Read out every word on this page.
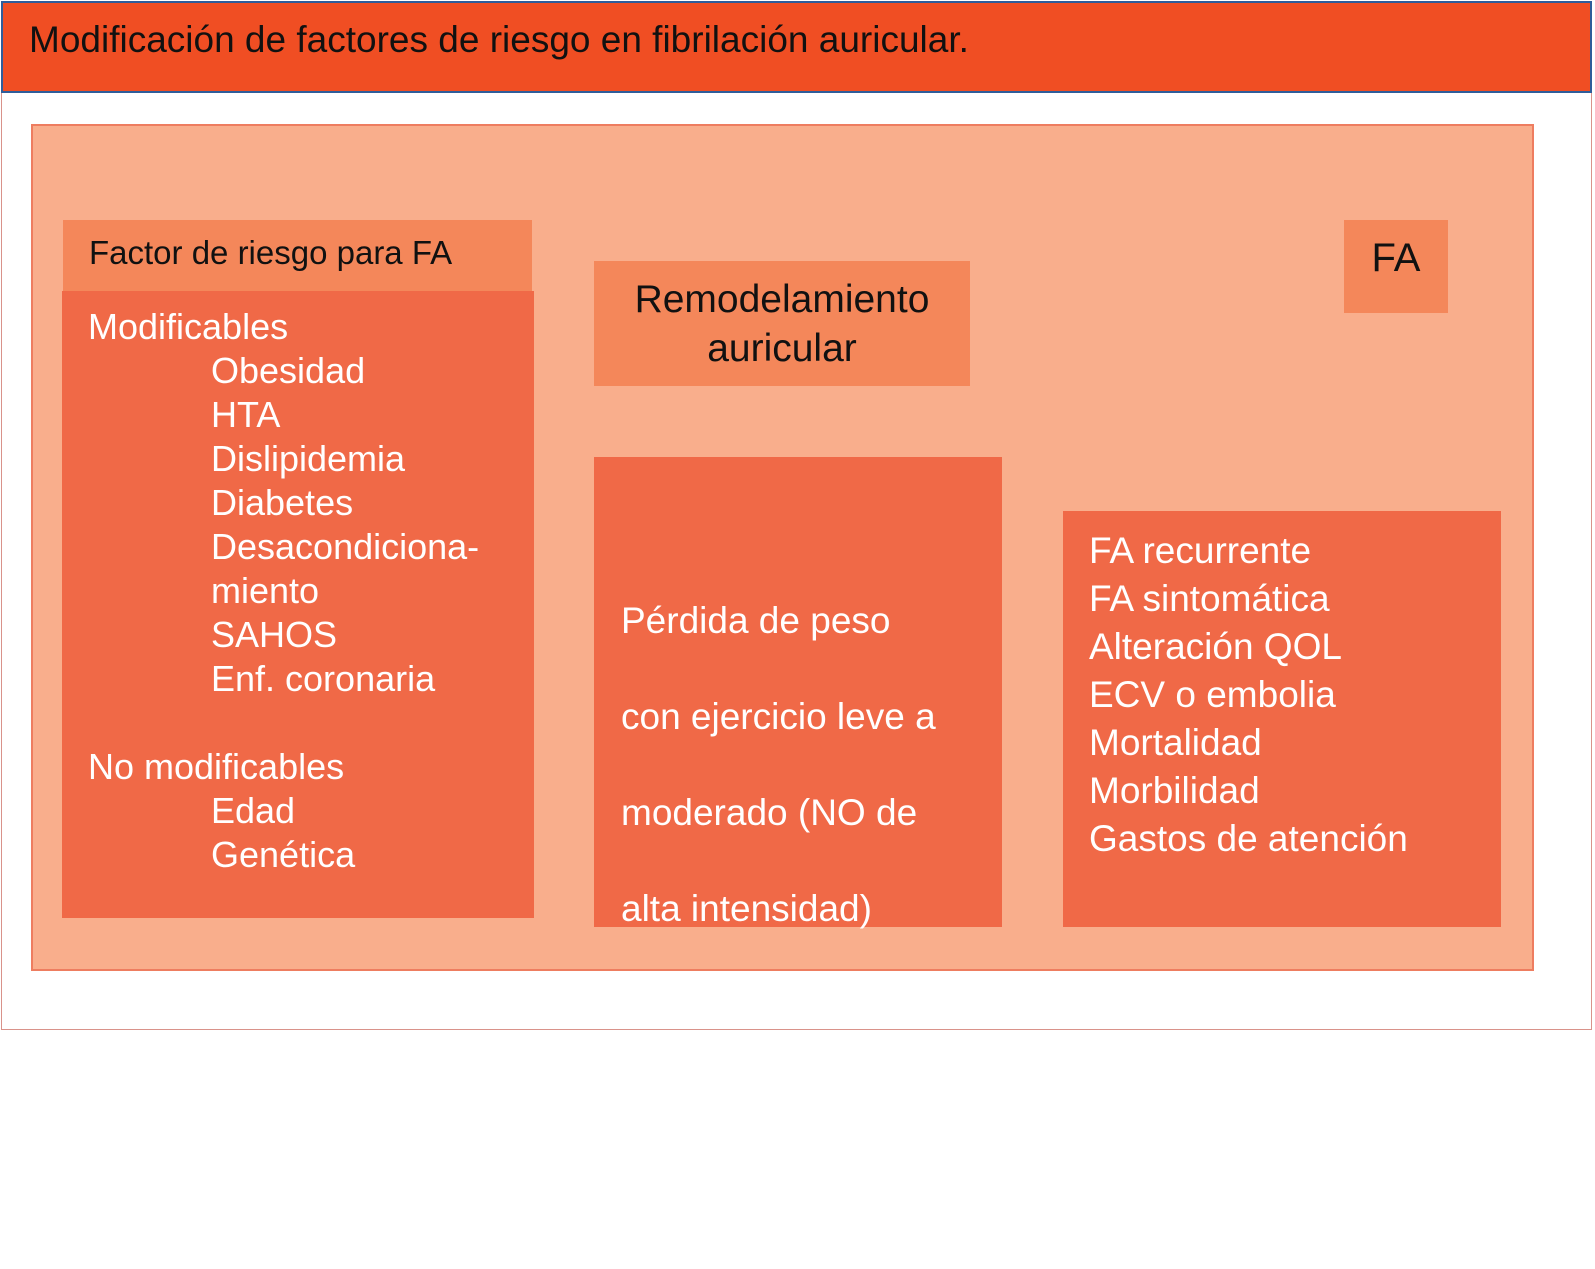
Modificación de factores de riesgo en fibrilación auricular.
Factor de riesgo para FA
Modificables
Obesidad
HTA
Dislipidemia
Diabetes
Desacondiciona-
miento
SAHOS
Enf. coronaria
No modificables
Edad
Genética
Remodelamiento
auricular

Pérdida de peso

con ejercicio leve a

moderado (NO de

alta intensidad)

Manejo de factores

de riesgo

modificables

FA
FA recurrente
FA sintomática
Alteración QOL
ECV o embolia
Mortalidad
Morbilidad
Gastos de atención
